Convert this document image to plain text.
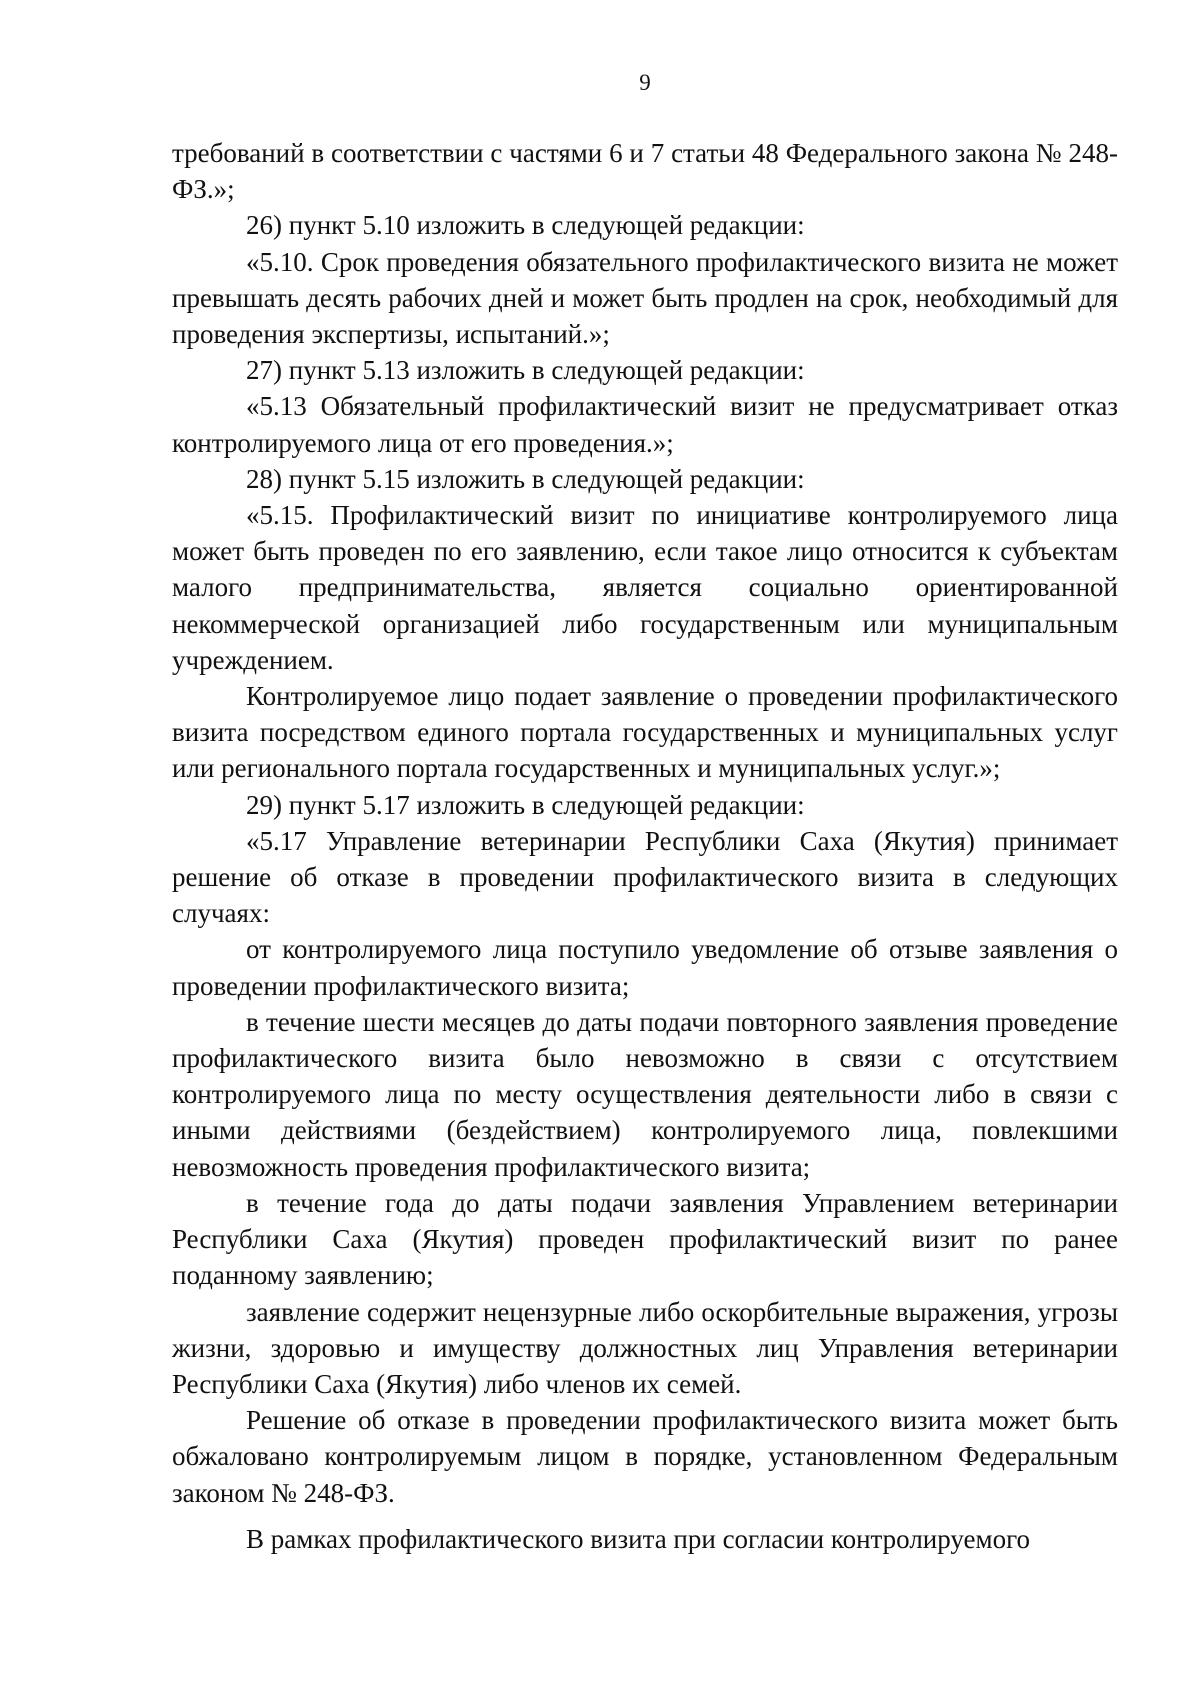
9

требований в соответствии с частями 6 и 7 статьи 48 Федерального закона № 248-ФЗ.»;

26) пункт 5.10 изложить в следующей редакции:

«5.10. Срок проведения обязательного профилактического визита не может превышать десять рабочих дней и может быть продлен на срок, необходимый для проведения экспертизы, испытаний.»;

27) пункт 5.13 изложить в следующей редакции:

«5.13 Обязательный профилактический визит не предусматривает отказ контролируемого лица от его проведения.»;

28) пункт 5.15 изложить в следующей редакции:

«5.15. Профилактический визит по инициативе контролируемого лица может быть проведен по его заявлению, если такое лицо относится к субъектам малого предпринимательства, является социально ориентированной некоммерческой организацией либо государственным или муниципальным учреждением.

Контролируемое лицо подает заявление о проведении профилактического визита посредством единого портала государственных и муниципальных услуг или регионального портала государственных и муниципальных услуг.»;

29) пункт 5.17 изложить в следующей редакции:

«5.17 Управление ветеринарии Республики Саха (Якутия) принимает решение об отказе в проведении профилактического визита в следующих случаях:

от контролируемого лица поступило уведомление об отзыве заявления о проведении профилактического визита;

в течение шести месяцев до даты подачи повторного заявления проведение профилактического визита было невозможно в связи с отсутствием контролируемого лица по месту осуществления деятельности либо в связи с иными действиями (бездействием) контролируемого лица, повлекшими невозможность проведения профилактического визита;

в течение года до даты подачи заявления Управлением ветеринарии Республики Саха (Якутия) проведен профилактический визит по ранее поданному заявлению;

заявление содержит нецензурные либо оскорбительные выражения, угрозы жизни, здоровью и имуществу должностных лиц Управления ветеринарии Республики Саха (Якутия) либо членов их семей.

Решение об отказе в проведении профилактического визита может быть обжаловано контролируемым лицом в порядке, установленном Федеральным законом № 248-ФЗ.

В рамках профилактического визита при согласии контролируемого
